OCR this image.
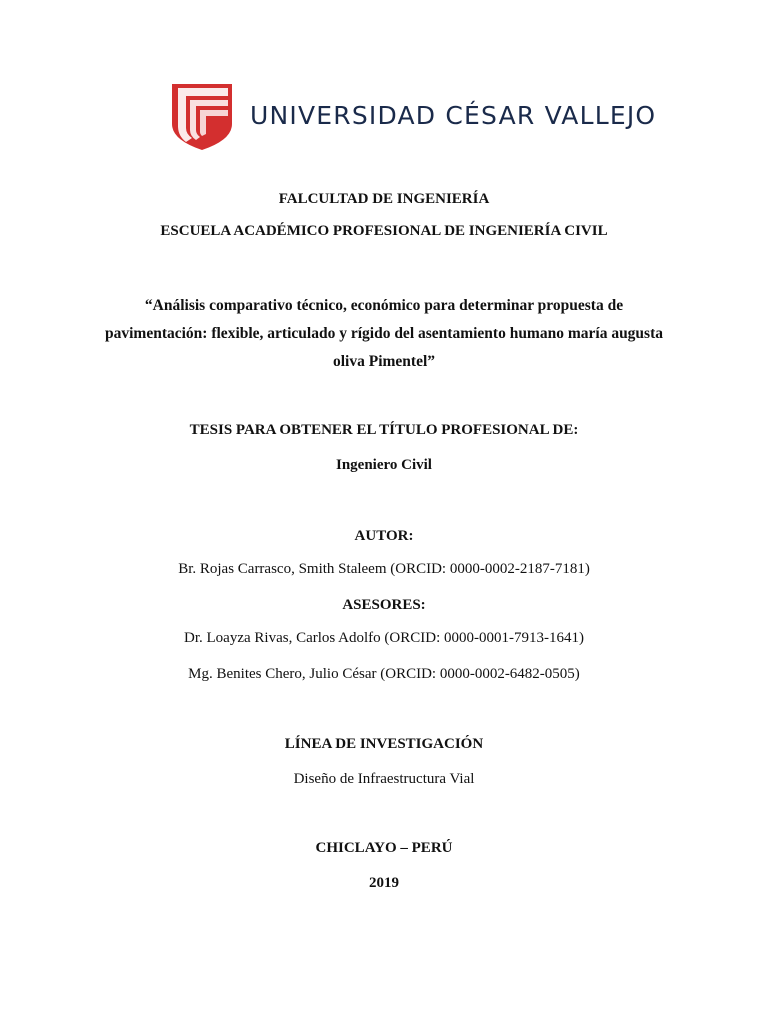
UNIVERSIDAD CÉSAR VALLEJO
FALCULTAD DE INGENIERÍA
ESCUELA ACADÉMICO PROFESIONAL DE INGENIERÍA CIVIL
“Análisis comparativo técnico, económico para determinar propuesta de pavimentación: flexible, articulado y rígido del asentamiento humano maría augusta oliva Pimentel”
TESIS PARA OBTENER EL TÍTULO PROFESIONAL DE:
Ingeniero Civil
AUTOR:
Br. Rojas Carrasco, Smith Staleem (ORCID: 0000-0002-2187-7181)
ASESORES:
Dr. Loayza Rivas, Carlos Adolfo (ORCID: 0000-0001-7913-1641)
Mg. Benites Chero, Julio César (ORCID: 0000-0002-6482-0505)
LÍNEA DE INVESTIGACIÓN
Diseño de Infraestructura Vial
CHICLAYO – PERÚ
2019
